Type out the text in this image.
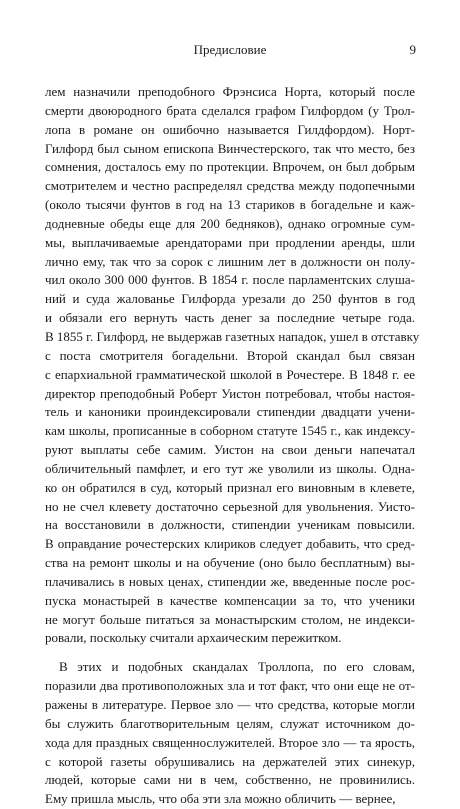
Предисловие	9
лем назначили преподобного Фрэнсиса Норта, который после
смерти двоюродного брата сделался графом Гилфордом (у Трол-
лопа в романе он ошибочно называется Гилдфордом). Норт-
Гилфорд был сыном епископа Винчестерского, так что место, без
сомнения, досталось ему по протекции. Впрочем, он был добрым
смотрителем и честно распределял средства между подопечными
(около тысячи фунтов в год на 13 стариков в богадельне и каж-
додневные обеды еще для 200 бедняков), однако огромные сум-
мы, выплачиваемые арендаторами при продлении аренды, шли
лично ему, так что за сорок с лишним лет в должности он полу-
чил около 300 000 фунтов. В 1854 г. после парламентских слуша-
ний и суда жалованье Гилфорда урезали до 250 фунтов в год
и обязали его вернуть часть денег за последние четыре года.
В 1855 г. Гилфорд, не выдержав газетных нападок, ушел в отставку
с поста смотрителя богадельни. Второй скандал был связан
с епархиальной грамматической школой в Рочестере. В 1848 г. ее
директор преподобный Роберт Уистон потребовал, чтобы настоя-
тель и каноники проиндексировали стипендии двадцати учени-
кам школы, прописанные в соборном статуте 1545 г., как индексу-
руют выплаты себе самим. Уистон на свои деньги напечатал
обличительный памфлет, и его тут же уволили из школы. Одна-
ко он обратился в суд, который признал его виновным в клевете,
но не счел клевету достаточно серьезной для увольнения. Уисто-
на восстановили в должности, стипендии ученикам повысили.
В оправдание рочестерских клириков следует добавить, что сред-
ства на ремонт школы и на обучение (оно было бесплатным) вы-
плачивались в новых ценах, стипендии же, введенные после рос-
пуска монастырей в качестве компенсации за то, что ученики
не могут больше питаться за монастырским столом, не индекси-
ровали, поскольку считали архаическим пережитком.
В этих и подобных скандалах Троллопа, по его словам,
поразили два противоположных зла и тот факт, что они еще не от-
ражены в литературе. Первое зло — что средства, которые могли
бы служить благотворительным целям, служат источником до-
хода для праздных священнослужителей. Второе зло — та ярость,
с которой газеты обрушивались на держателей этих синекур,
людей, которые сами ни в чем, собственно, не провинились.
Ему пришла мысль, что оба эти зла можно обличить — вернее,
